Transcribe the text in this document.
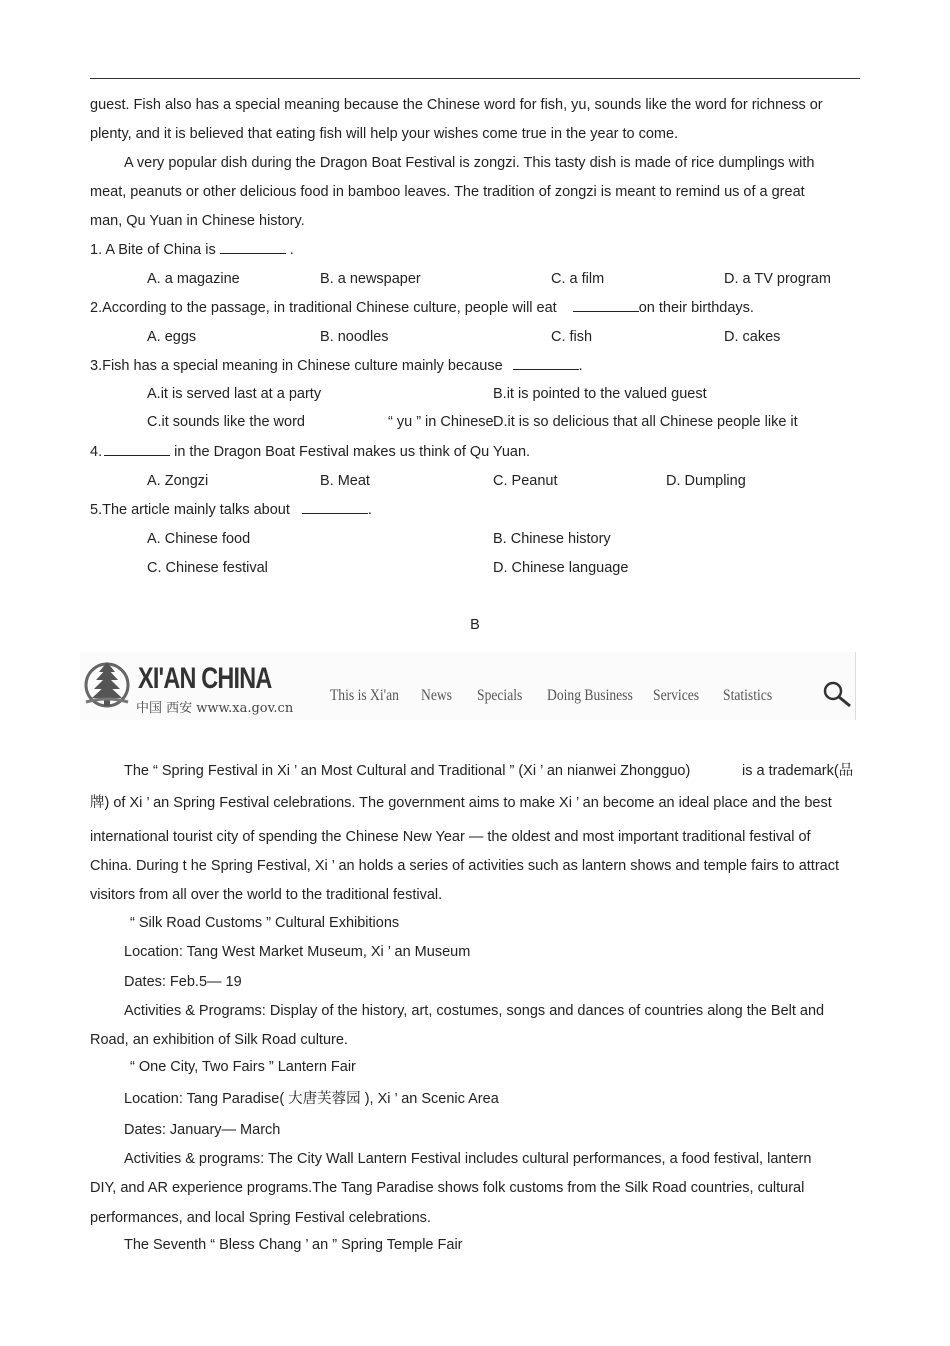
guest. Fish also has a special meaning because the Chinese word for fish, yu, sounds like the word for richness or
plenty, and it is believed that eating fish will help your wishes come true in the year to come.
A very popular dish during the Dragon Boat Festival is zongzi. This tasty dish is made of rice dumplings with
meat, peanuts or other delicious food in bamboo leaves. The tradition of zongzi is meant to remind us of a great
man, Qu Yuan in Chinese history.
1. A Bite of China is	.
A. a magazine	B. a newspaper	C. a film	D. a TV program
2.According to the passage, in traditional Chinese culture, people will eat	on their birthdays.
A. eggs	B. noodles	C. fish	D. cakes
3.Fish has a special meaning in Chinese culture mainly because	.
A.it is served last at a party	B.it is pointed to the valued guest
C.it sounds like the word	“ yu ” in Chinese D.it is so delicious that all Chinese people like it
4.	in the Dragon Boat Festival makes us think of Qu Yuan.
A. Zongzi	B. Meat	C. Peanut	D. Dumpling
5.The article mainly talks about	.
A. Chinese food	B. Chinese history
C. Chinese festival	D. Chinese language
B
XI'AN CHINA
中国 西安 www.xa.gov.cn
This is Xi'an News Specials Doing Business Services Statistics
The “ Spring Festival in Xi ’ an Most Cultural and Traditional ” (Xi ’ an nianwei Zhongguo)	is a trademark(品
牌) of Xi ’ an Spring Festival celebrations. The government aims to make Xi ’ an become an ideal place and the best
international tourist city of spending the Chinese New Year — the oldest and most important traditional festival of
China. During t he Spring Festival, Xi ’ an holds a series of activities such as lantern shows and temple fairs to attract
visitors from all over the world to the traditional festival.
“ Silk Road Customs ” Cultural Exhibitions
Location: Tang West Market Museum, Xi ’ an Museum
Dates: Feb.5— 19
Activities & Programs: Display of the history, art, costumes, songs and dances of countries along the Belt and
Road, an exhibition of Silk Road culture.
“ One City, Two Fairs ” Lantern Fair
Location: Tang Paradise( 大唐芙蓉园 ), Xi ’ an Scenic Area
Dates: January— March
Activities & programs: The City Wall Lantern Festival includes cultural performances, a food festival, lantern
DIY, and AR experience programs.The Tang Paradise shows folk customs from the Silk Road countries, cultural
performances, and local Spring Festival celebrations.
The Seventh “ Bless Chang ’ an ” Spring Temple Fair
